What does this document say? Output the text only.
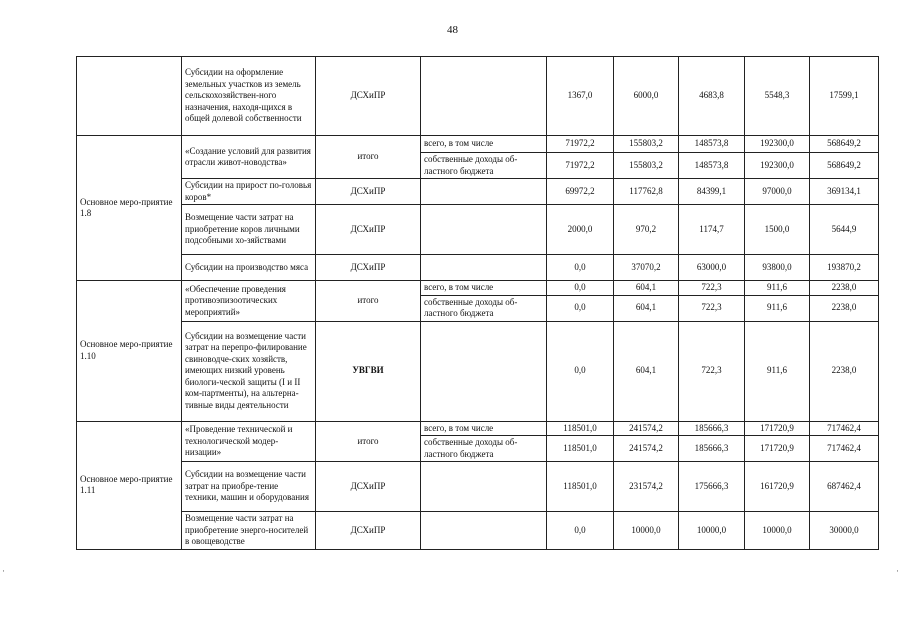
48
	Субсидии на оформление земельных участков из земель сельскохозяйствен-ного назначения, находя-щихся в общей долевой собственности	ДСХиПР		1367,0	6000,0	4683,8	5548,3	17599,1
Основное меро-приятие 1.8	«Создание условий для развития отрасли живот-новодства»	итого	всего, в том числе	71972,2	155803,2	148573,8	192300,0	568649,2
			собственные доходы об-ластного бюджета	71972,2	155803,2	148573,8	192300,0	568649,2
	Субсидии на прирост по-головья коров*	ДСХиПР		69972,2	117762,8	84399,1	97000,0	369134,1
	Возмещение части затрат на приобретение коров личными подсобными хо-зяйствами	ДСХиПР		2000,0	970,2	1174,7	1500,0	5644,9
	Субсидии на производство мяса	ДСХиПР		0,0	37070,2	63000,0	93800,0	193870,2
Основное меро-приятие 1.10	«Обеспечение проведения противоэпизоотических мероприятий»	итого	всего, в том числе	0,0	604,1	722,3	911,6	2238,0
			собственные доходы об-ластного бюджета	0,0	604,1	722,3	911,6	2238,0
	Субсидии на возмещение части затрат на перепро-филирование свиноводче-ских хозяйств, имеющих низкий уровень биологи-ческой защиты (I и II ком-партменты), на альтерна-тивные виды деятельности	УВГВИ		0,0	604,1	722,3	911,6	2238,0
Основное меро-приятие 1.11	«Проведение технической и технологической модер-низации»	итого	всего, в том числе	118501,0	241574,2	185666,3	171720,9	717462,4
			собственные доходы об-ластного бюджета	118501,0	241574,2	185666,3	171720,9	717462,4
	Субсидии на возмещение части затрат на приобре-тение техники, машин и оборудования	ДСХиПР		118501,0	231574,2	175666,3	161720,9	687462,4
	Возмещение части затрат на приобретение энерго-носителей в овощеводстве	ДСХиПР		0,0	10000,0	10000,0	10000,0	30000,0
·	·
